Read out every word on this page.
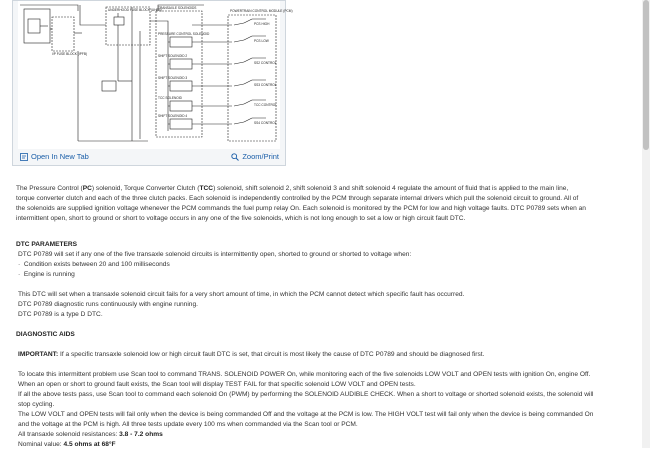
UNDERHOOD FUSE BLOCK (UHFB)
TRANSAXLE SOLENOIDS
POWERTRAIN CONTROL MODULE (PCM)
I/P FUSE BLOCK (IPFB)
PRESSURE CONTROL SOLENOID
SHIFT SOLENOID 2
SHIFT SOLENOID 3
TCC SOLENOID
SHIFT SOLENOID 4
PCS HIGH
PCS LOW
SS2 CONTROL
SS3 CONTROL
TCC CONTROL
SS4 CONTROL
Open In New Tab	Zoom/Print

The Pressure Control (PC) solenoid, Torque Converter Clutch (TCC) solenoid, shift solenoid 2, shift solenoid 3 and shift solenoid 4 regulate the amount of fluid that is applied to the main line,
torque converter clutch and each of the three clutch packs. Each solenoid is independently controlled by the PCM through separate internal drivers which pull the solenoid circuit to ground. All of
the solenoids are supplied ignition voltage whenever the PCM commands the fuel pump relay On. Each solenoid is monitored by the PCM for low and high voltage faults. DTC P0789 sets when an
intermittent open, short to ground or short to voltage occurs in any one of the five solenoids, which is not long enough to set a low or high circuit fault DTC.

DTC PARAMETERS

DTC P0789 will set if any one of the five transaxle solenoid circuits is intermittently open, shorted to ground or shorted to voltage when:

·  Condition exists between 20 and 100 milliseconds

·  Engine is running

This DTC will set when a transaxle solenoid circuit fails for a very short amount of time, in which the PCM cannot detect which specific fault has occurred.

DTC P0789 diagnostic runs continuously with engine running.

DTC P0789 is a type D DTC.

DIAGNOSTIC AIDS

IMPORTANT: If a specific transaxle solenoid low or high circuit fault DTC is set, that circuit is most likely the cause of DTC P0789 and should be diagnosed first.

To locate this intermittent problem use Scan tool to command TRANS. SOLENOID POWER On, while monitoring each of the five solenoids LOW VOLT and OPEN tests with ignition On, engine Off.

When an open or short to ground fault exists, the Scan tool will display TEST FAIL for that specific solenoid LOW VOLT and OPEN tests.

If all the above tests pass, use Scan tool to command each solenoid On (PWM) by performing the SOLENOID AUDIBLE CHECK. When a short to voltage or shorted solenoid exists, the solenoid will

stop cycling.

The LOW VOLT and OPEN tests will fail only when the device is being commanded Off and the voltage at the PCM is low. The HIGH VOLT test will fail only when the device is being commanded On

and the voltage at the PCM is high. All three tests update every 100 ms when commanded via the Scan tool or PCM.

All transaxle solenoid resistances: 3.8 - 7.2 ohms

Nominal value: 4.5 ohms at 68°F
